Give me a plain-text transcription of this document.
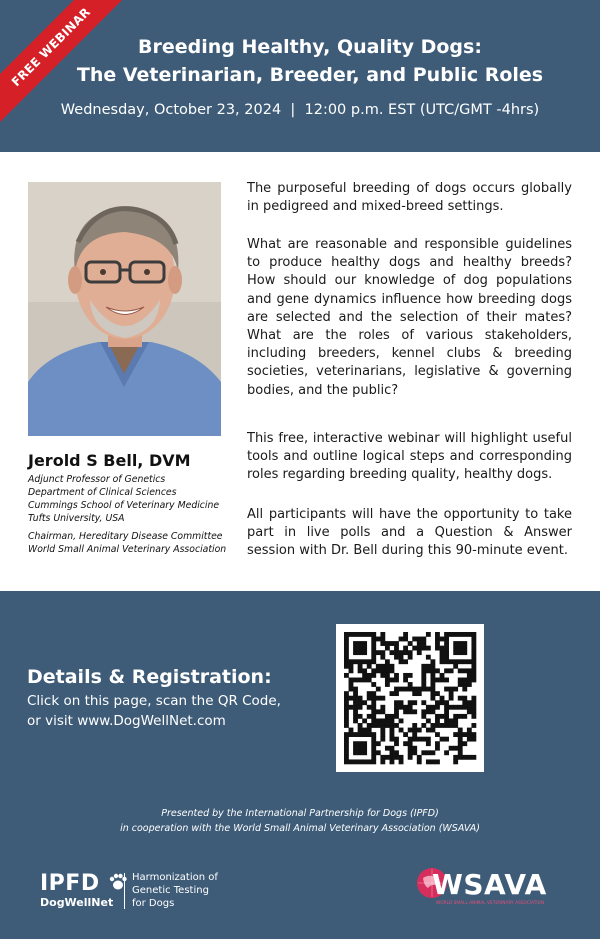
FREE WEBINAR	Breeding Healthy, Quality Dogs:
The Veterinarian, Breeder, and Public Roles
Wednesday, October 23, 2024  |  12:00 p.m. EST (UTC/GMT -4hrs)
Jerold S Bell, DVM
Adjunct Professor of Genetics
Department of Clinical Sciences
Cummings School of Veterinary Medicine
Tufts University, USA
Chairman, Hereditary Disease Committee
World Small Animal Veterinary Association

The purposeful breeding of dogs occurs globally in pedigreed and mixed-breed settings.

What are reasonable and responsible guidelines to produce healthy dogs and healthy breeds? How should our knowledge of dog populations and gene dynamics influence how breeding dogs are selected and the selection of their mates? What are the roles of various stakeholders, including breeders, kennel clubs & breeding societies, veterinarians, legislative & governing bodies, and the public?

This free, interactive webinar will highlight useful tools and outline logical steps and corresponding roles regarding breeding quality, healthy dogs.

All participants will have the opportunity to take part in live polls and a Question & Answer session with Dr. Bell during this 90-minute event.

Details & Registration:
Click on this page, scan the QR Code,
or visit www.DogWellNet.com
Presented by the International Partnership for Dogs (IPFD)
in cooperation with the World Small Animal Veterinary Association (WSAVA)
IPFD
DogWellNet
Harmonization of
Genetic Testing
for Dogs
WSAVA
WORLD SMALL ANIMAL VETERINARY ASSOCIATION
